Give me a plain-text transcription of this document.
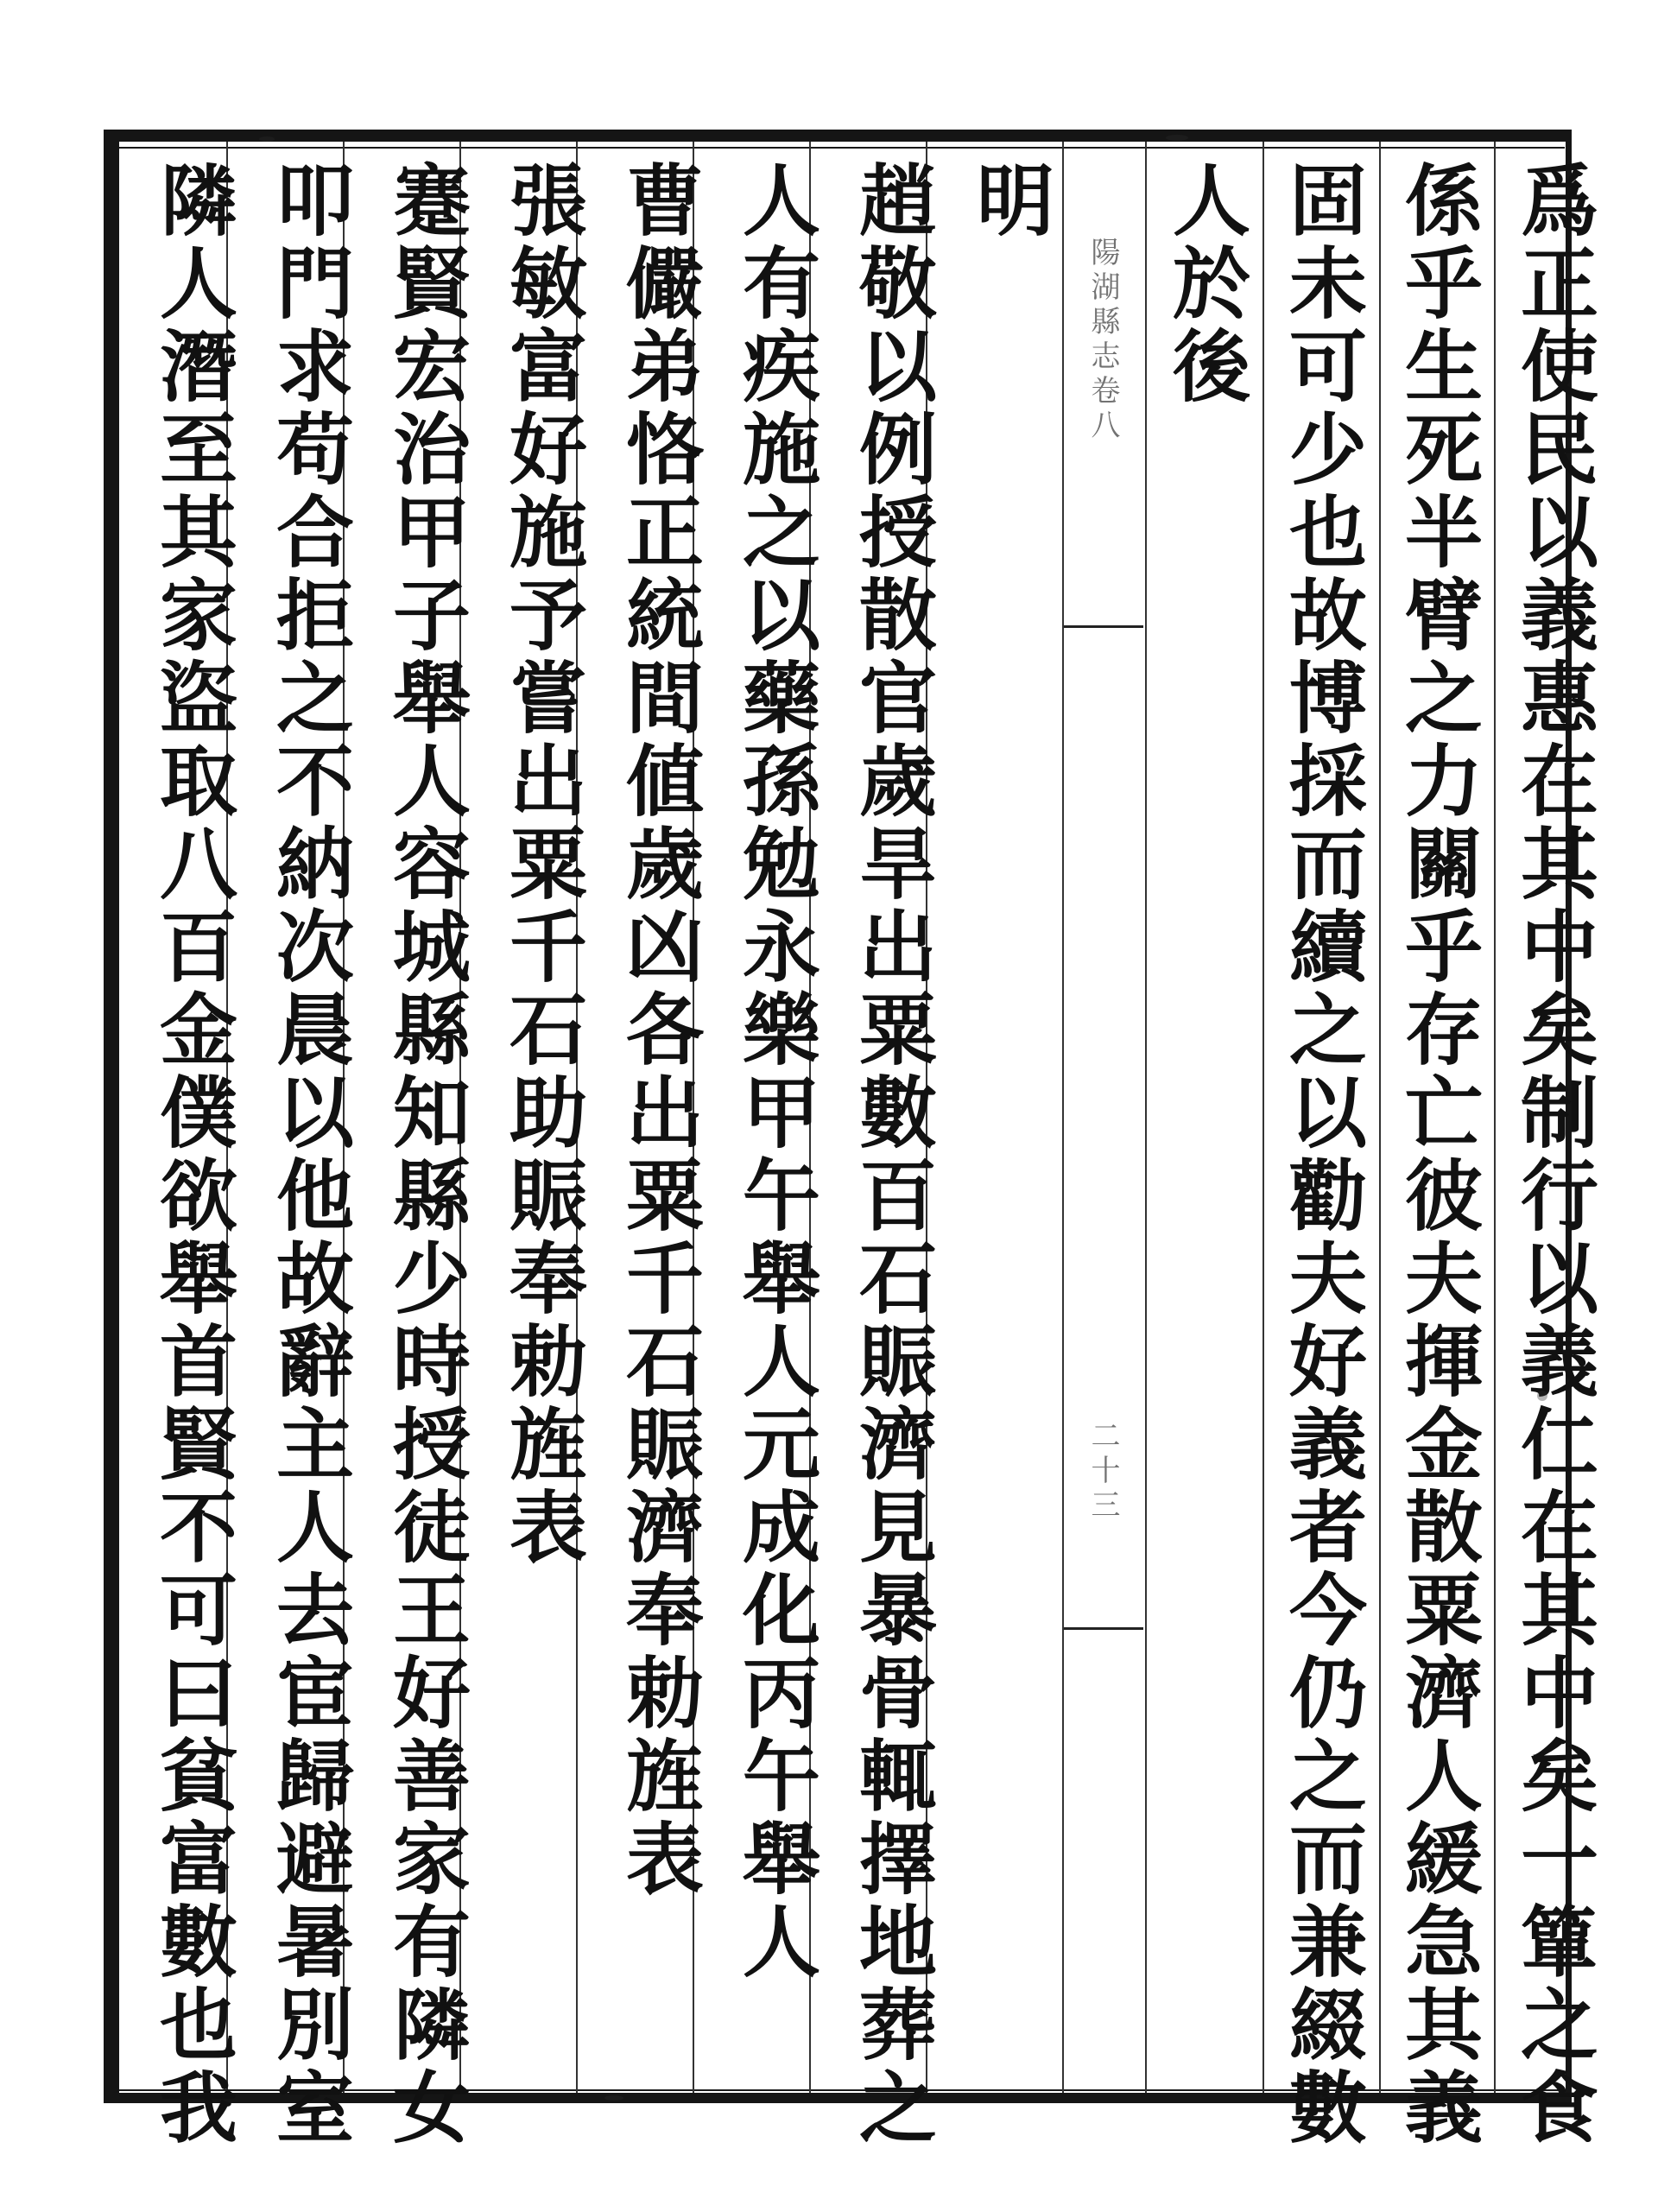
陽湖縣志卷八
二十三	爲正使民以義惠在其中矣制行以義仁在其中矣一簞之食
係乎生死半臂之力關乎存亡彼夫揮金散粟濟人緩急其義
固未可少也故博採而續之以勸夫好義者今仍之而兼綴數
人於後
明
趙敬以例授散官歲旱出粟數百石賑濟見暴骨輒擇地葬之
人有疾施之以藥孫勉永樂甲午舉人元成化丙午舉人
曹儼弟恪正統間値歲凶各出粟千石賑濟奉勅旌表
張敏富好施予嘗出粟千石助賑奉勅旌表
蹇賢宏治甲子舉人容城縣知縣少時授徒王好善家有隣女
叩門求苟合拒之不納次晨以他故辭主人去宦歸避暑別室
隣人潛至其家盜取八百金僕欲舉首賢不可曰貧富數也我
